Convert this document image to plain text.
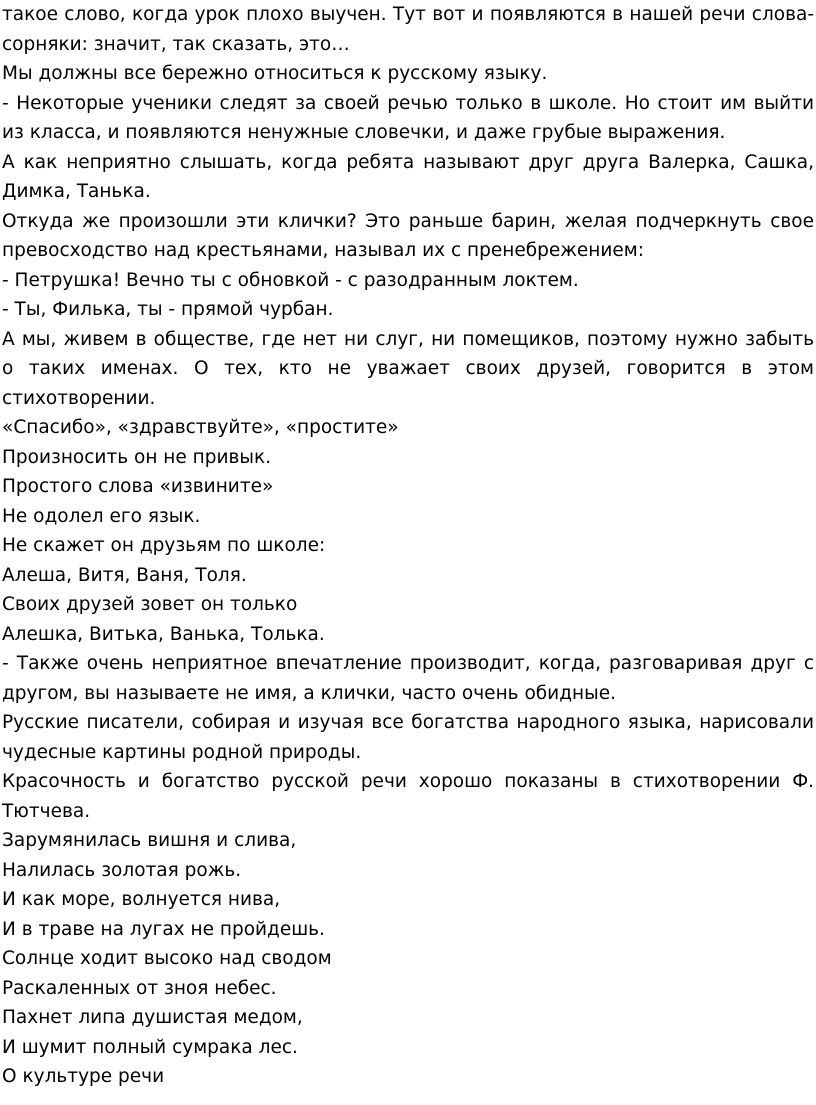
такое слово, когда урок плохо выучен. Тут вот и появляются в нашей речи слова-сорняки: значит, так сказать, это…

Мы должны все бережно относиться к русскому языку.

- Некоторые ученики следят за своей речью только в школе. Но стоит им выйти из класса, и появляются ненужные словечки, и даже грубые выражения.

А как неприятно слышать, когда ребята называют друг друга Валерка, Сашка, Димка, Танька.

Откуда же произошли эти клички? Это раньше барин, желая подчеркнуть свое превосходство над крестьянами, называл их с пренебрежением:

- Петрушка! Вечно ты с обновкой - с разодранным локтем.

- Ты, Филька, ты - прямой чурбан.

А мы, живем в обществе, где нет ни слуг, ни помещиков, поэтому нужно забыть о таких именах. О тех, кто не уважает своих друзей, говорится в этом стихотворении.

«Спасибо», «здравствуйте», «простите»

Произносить он не привык.

Простого слова «извините»

Не одолел его язык.

Не скажет он друзьям по школе:

Алеша, Витя, Ваня, Толя.

Своих друзей зовет он только

Алешка, Витька, Ванька, Толька.

- Также очень неприятное впечатление производит, когда, разговаривая друг с другом, вы называете не имя, а клички, часто очень обидные.

Русские писатели, собирая и изучая все богатства народного языка, нарисовали чудесные картины родной природы.

Красочность и богатство русской речи хорошо показаны в стихотворении Ф. Тютчева.

Зарумянилась вишня и слива,

Налилась золотая рожь.

И как море, волнуется нива,

И в траве на лугах не пройдешь.

Солнце ходит высоко над сводом

Раскаленных от зноя небес.

Пахнет липа душистая медом,

И шумит полный сумрака лес.

О культуре речи
